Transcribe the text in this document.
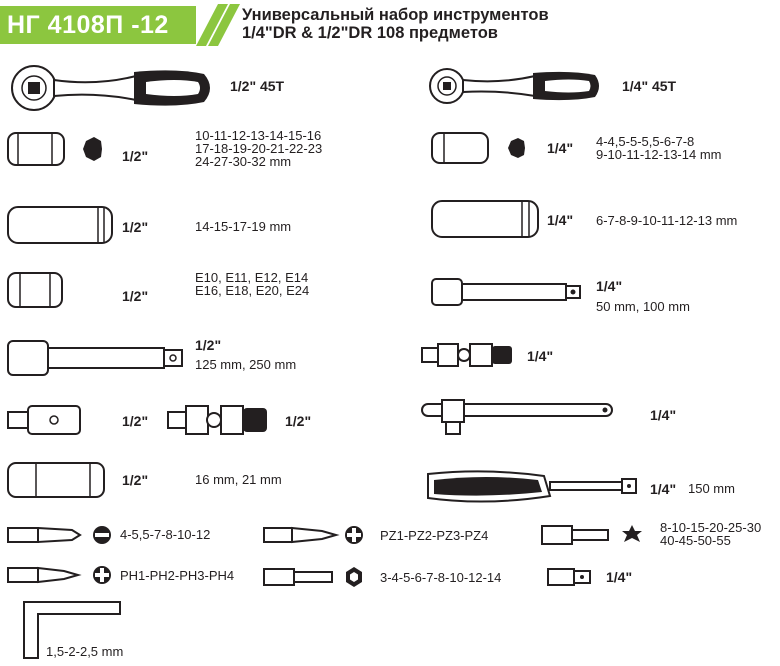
НГ 4108П -12	Универсальный набор инструментов
1/4"DR & 1/2"DR 108 предметов
1/2" 45T	1/4" 45T
1/2"
10-11-12-13-14-15-16
17-18-19-20-21-22-23
24-27-30-32 mm
1/4" 4-4,5-5-5,5-6-7-8
9-10-11-12-13-14 mm
1/2"	14-15-17-19 mm	1/4" 6-7-8-9-10-11-12-13 mm
1/2"
E10, E11, E12, E14
E16, E18, E20, E24	1/4"
50 mm, 100 mm
1/2"
125 mm, 250 mm
1/4"
1/2"	1/2"	1/4"
1/2"	16 mm, 21 mm
1/4" 150 mm
4-5,5-7-8-10-12	PZ1-PZ2-PZ3-PZ4
8-10-15-20-25-30
40-45-50-55
PH1-PH2-PH3-PH4	3-4-5-6-7-8-10-12-14	1/4"
1,5-2-2,5 mm
